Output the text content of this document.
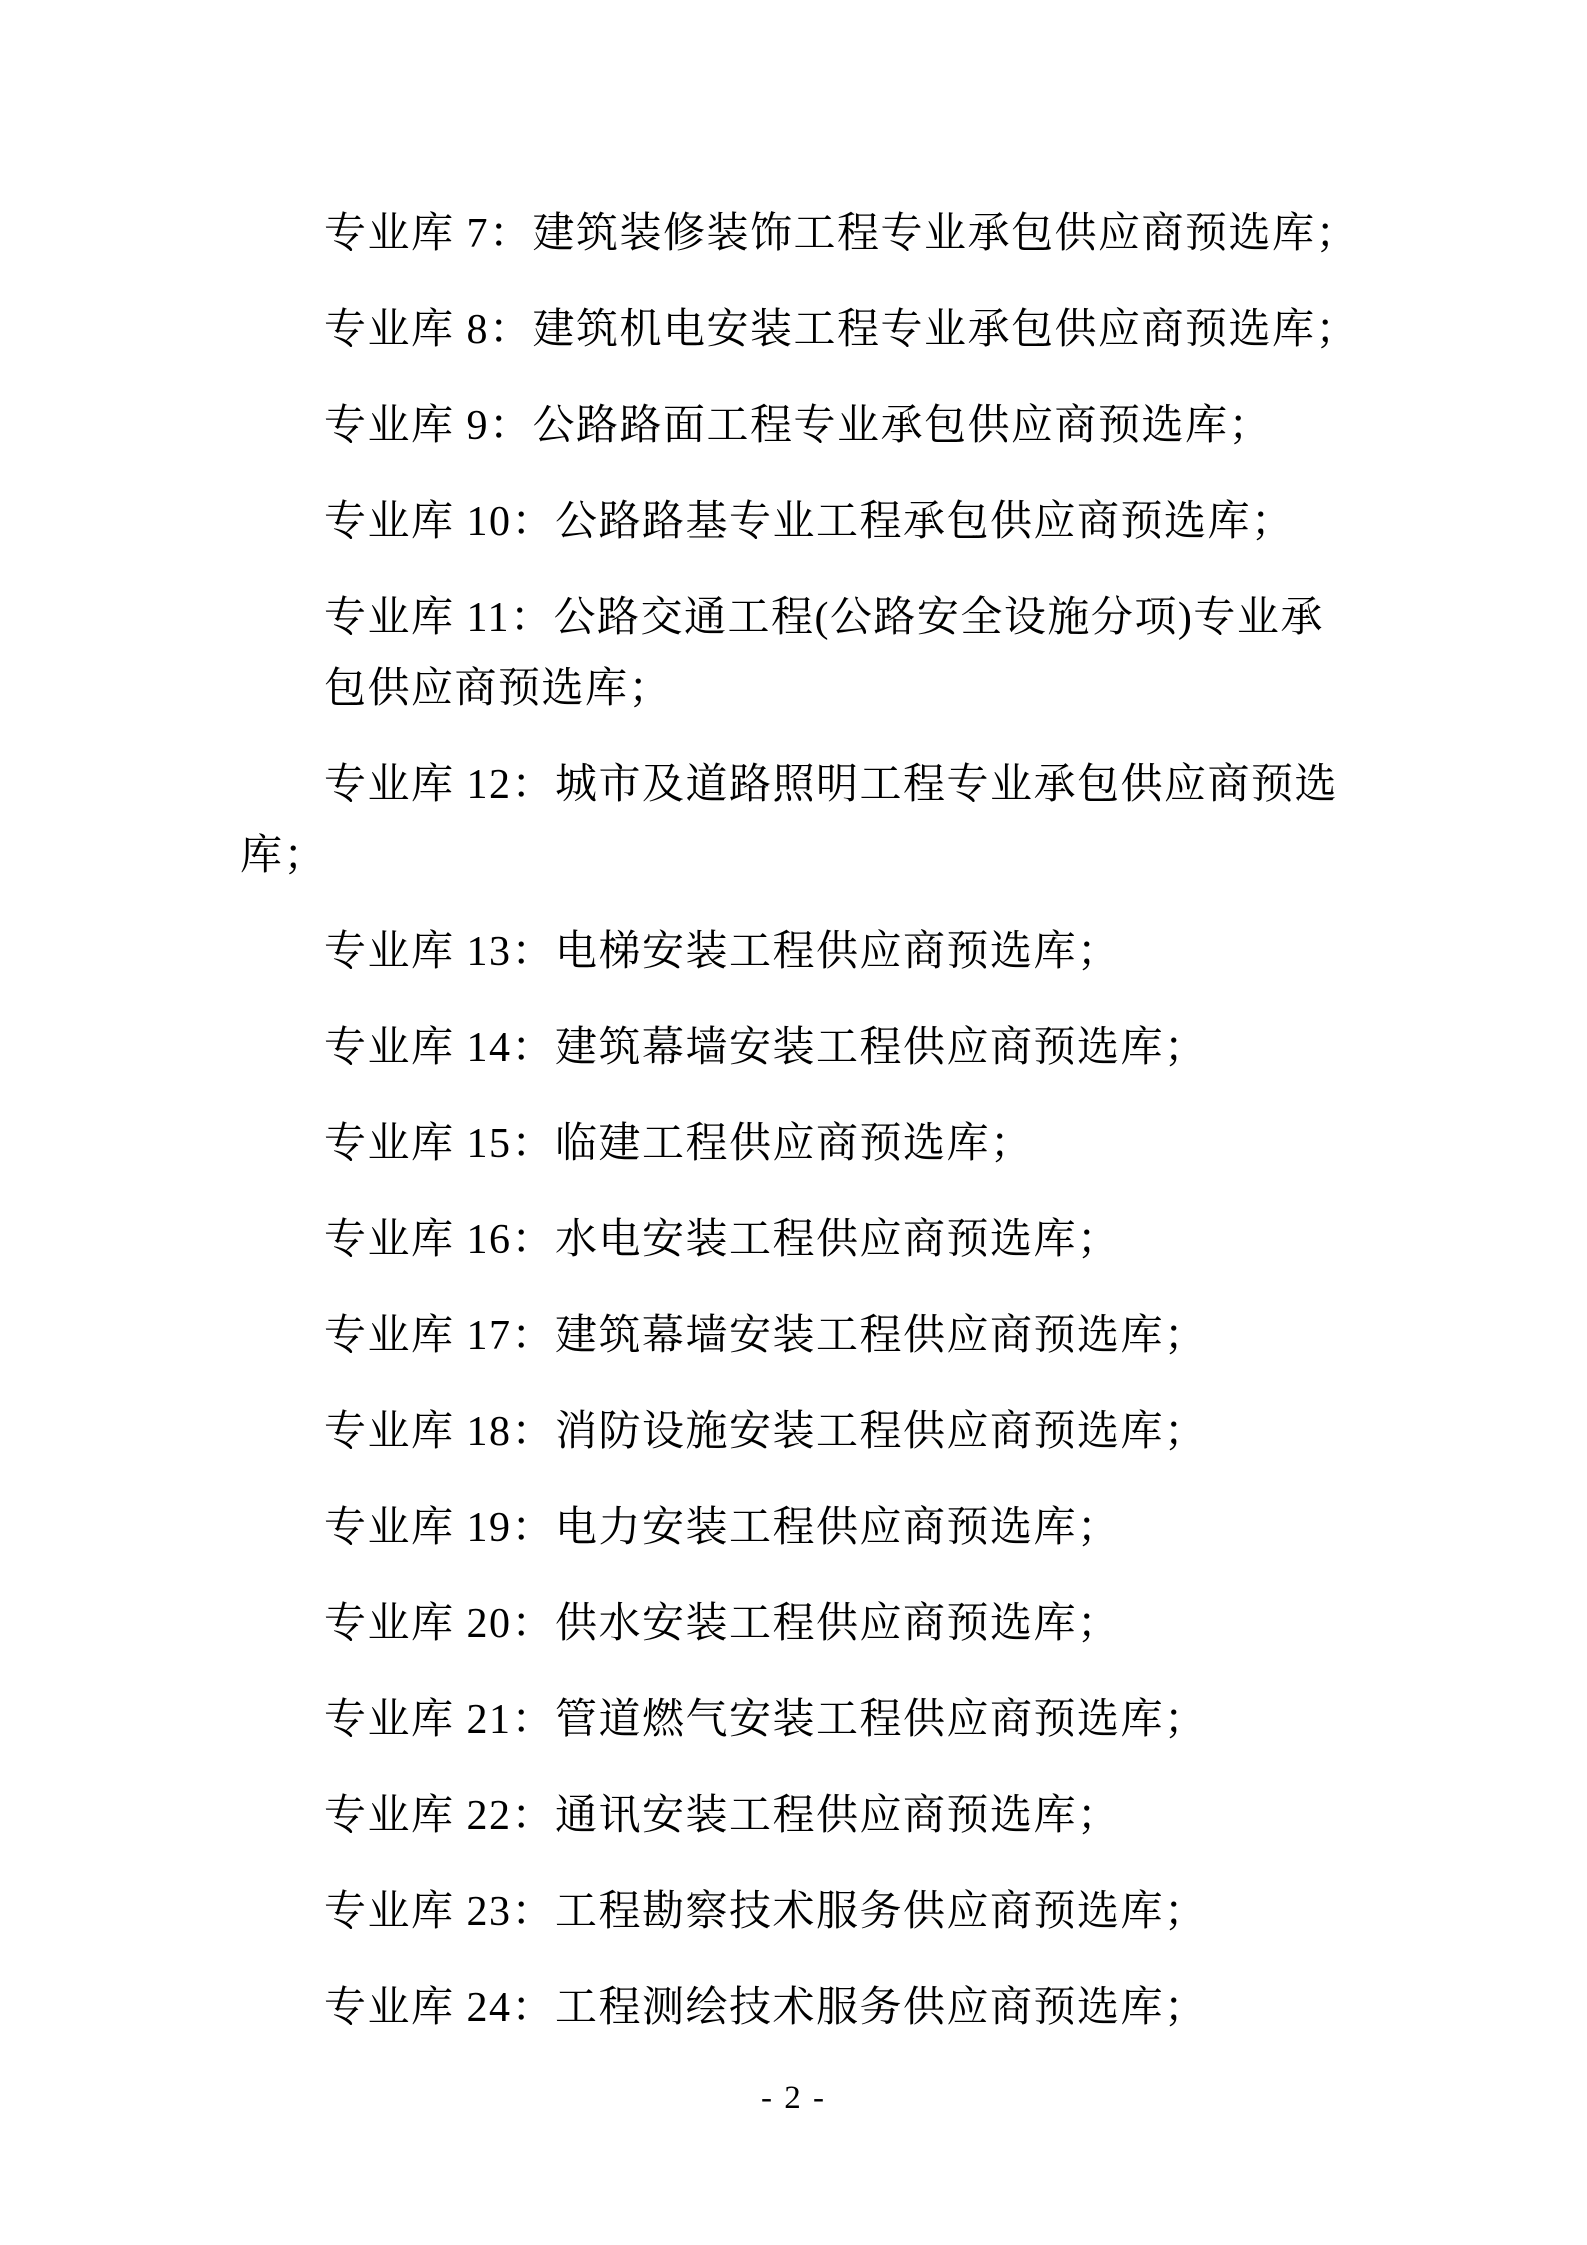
专业库 7：建筑装修装饰工程专业承包供应商预选库；
专业库 8：建筑机电安装工程专业承包供应商预选库；
专业库 9：公路路面工程专业承包供应商预选库；
专业库 10：公路路基专业工程承包供应商预选库；
专业库 11：公路交通工程(公路安全设施分项)专业承
包供应商预选库；
专业库 12：城市及道路照明工程专业承包供应商预选
库；
专业库 13：电梯安装工程供应商预选库；
专业库 14：建筑幕墙安装工程供应商预选库；
专业库 15：临建工程供应商预选库；
专业库 16：水电安装工程供应商预选库；
专业库 17：建筑幕墙安装工程供应商预选库；
专业库 18：消防设施安装工程供应商预选库；
专业库 19：电力安装工程供应商预选库；
专业库 20：供水安装工程供应商预选库；
专业库 21：管道燃气安装工程供应商预选库；
专业库 22：通讯安装工程供应商预选库；
专业库 23：工程勘察技术服务供应商预选库；
专业库 24：工程测绘技术服务供应商预选库；
- 2 -
